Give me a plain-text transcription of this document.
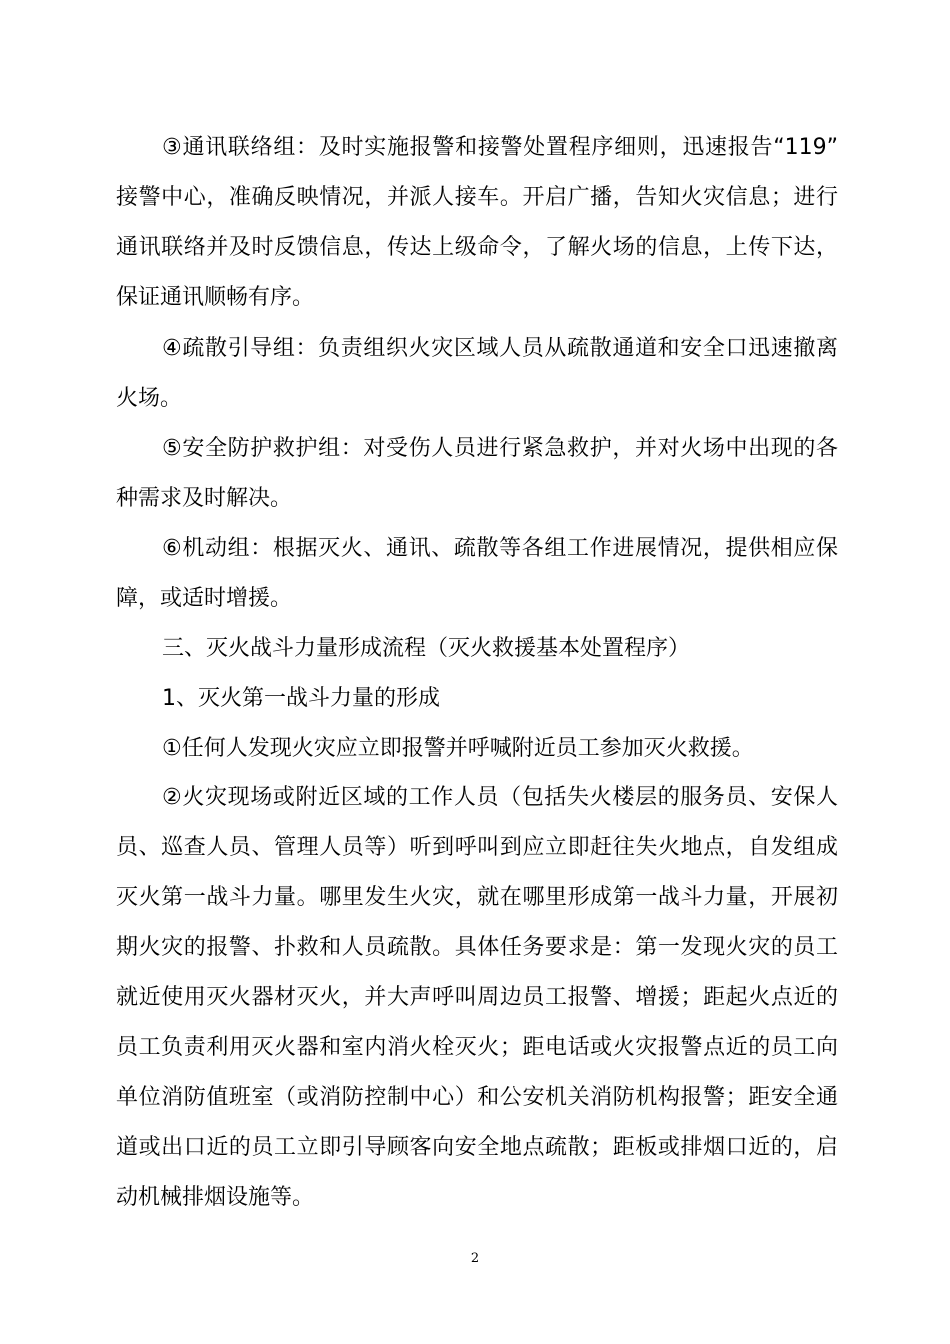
③通讯联络组：及时实施报警和接警处置程序细则，迅速报告“119”
接警中心，准确反映情况，并派人接车。开启广播，告知火灾信息；进行
通讯联络并及时反馈信息，传达上级命令，了解火场的信息，上传下达，
保证通讯顺畅有序。
④疏散引导组：负责组织火灾区域人员从疏散通道和安全口迅速撤离
火场。
⑤安全防护救护组：对受伤人员进行紧急救护，并对火场中出现的各
种需求及时解决。
⑥机动组：根据灭火、通讯、疏散等各组工作进展情况，提供相应保
障，或适时增援。
三、灭火战斗力量形成流程（灭火救援基本处置程序）
1、灭火第一战斗力量的形成
①任何人发现火灾应立即报警并呼喊附近员工参加灭火救援。
②火灾现场或附近区域的工作人员（包括失火楼层的服务员、安保人
员、巡查人员、管理人员等）听到呼叫到应立即赶往失火地点，自发组成
灭火第一战斗力量。哪里发生火灾，就在哪里形成第一战斗力量，开展初
期火灾的报警、扑救和人员疏散。具体任务要求是：第一发现火灾的员工
就近使用灭火器材灭火，并大声呼叫周边员工报警、增援；距起火点近的
员工负责利用灭火器和室内消火栓灭火；距电话或火灾报警点近的员工向
单位消防值班室（或消防控制中心）和公安机关消防机构报警；距安全通
道或出口近的员工立即引导顾客向安全地点疏散；距板或排烟口近的，启
动机械排烟设施等。
2
